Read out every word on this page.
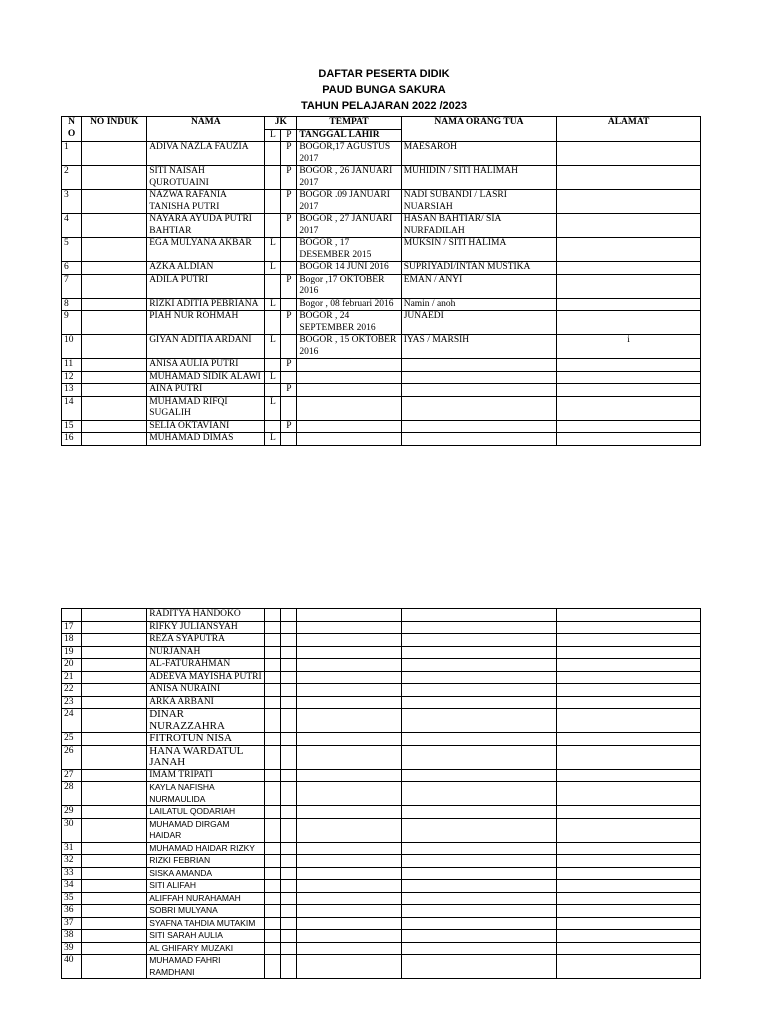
DAFTAR PESERTA DIDIK
PAUD BUNGA SAKURA
TAHUN PELAJARAN 2022 /2023
N O	NO INDUK	NAMA	JK		TEMPAT	NAMA ORANG TUA	ALAMAT
			L	P	TANGGAL LAHIR		
1		ADIVA NAZLA FAUZIA		P	BOGOR,17 AGUSTUS 2017	MAESAROH	
2		SITI NAISAH QUROTUAINI		P	BOGOR , 26 JANUARI 2017	MUHIDIN / SITI HALIMAH	
3		NAZWA RAFANIA TANISHA PUTRI		P	BOGOR .09 JANUARI 2017	NADI SUBANDI / LASRI NUARSIAH	
4		NAYARA AYUDA PUTRI BAHTIAR		P	BOGOR , 27 JANUARI 2017	HASAN BAHTIAR/ SIA NURFADILAH	
5		EGA MULYANA AKBAR	L		BOGOR , 17 DESEMBER 2015	MUKSIN / SITI HALIMA	
6		AZKA ALDIAN	L		BOGOR 14 JUNI 2016	SUPRIYADI/INTAN MUSTIKA	
7		ADILA PUTRI		P	Bogor ,17 OKTOBER 2016	EMAN / ANYI	
8		RIZKI ADITIA PEBRIANA	L		Bogor , 08 februari 2016	Namin / anoh	
9		PIAH NUR ROHMAH		P	BOGOR , 24 SEPTEMBER 2016	JUNAEDI	
10		GIYAN ADITIA ARDANI	L		BOGOR , 15 OKTOBER 2016	IYAS / MARSIH	i
11		ANISA AULIA PUTRI		P			
12		MUHAMAD SIDIK ALAWI	L				
13		AINA PUTRI		P			
14		MUHAMAD RIFQI SUGALIH	L				
15		SELIA OKTAVIANI		P			
16		MUHAMAD DIMAS	L				
		RADITYA HANDOKO					
17		RIFKY JULIANSYAH					
18		REZA SYAPUTRA					
19		NURJANAH					
20		AL-FATURAHMAN					
21		ADEEVA MAYISHA PUTRI					
22		ANISA NURAINI					
23		ARKA ARBANI					
24		DINAR NURAZZAHRA					
25		FITROTUN NISA					
26		HANA WARDATUL JANAH					
27		IMAM TRIPATI					
28		KAYLA NAFISHA NURMAULIDA					
29		LAILATUL QODARIAH					
30		MUHAMAD DIRGAM HAIDAR					
31		MUHAMAD HAIDAR RIZKY					
32		RIZKI FEBRIAN					
33		SISKA AMANDA					
34		SITI ALIFAH					
35		ALIFFAH NURAHAMAH					
36		SOBRI MULYANA					
37		SYAFNA TAHDIA MUTAKIM					
38		SITI SARAH AULIA					
39		AL GHIFARY MUZAKI					
40		MUHAMAD FAHRI RAMDHANI					
